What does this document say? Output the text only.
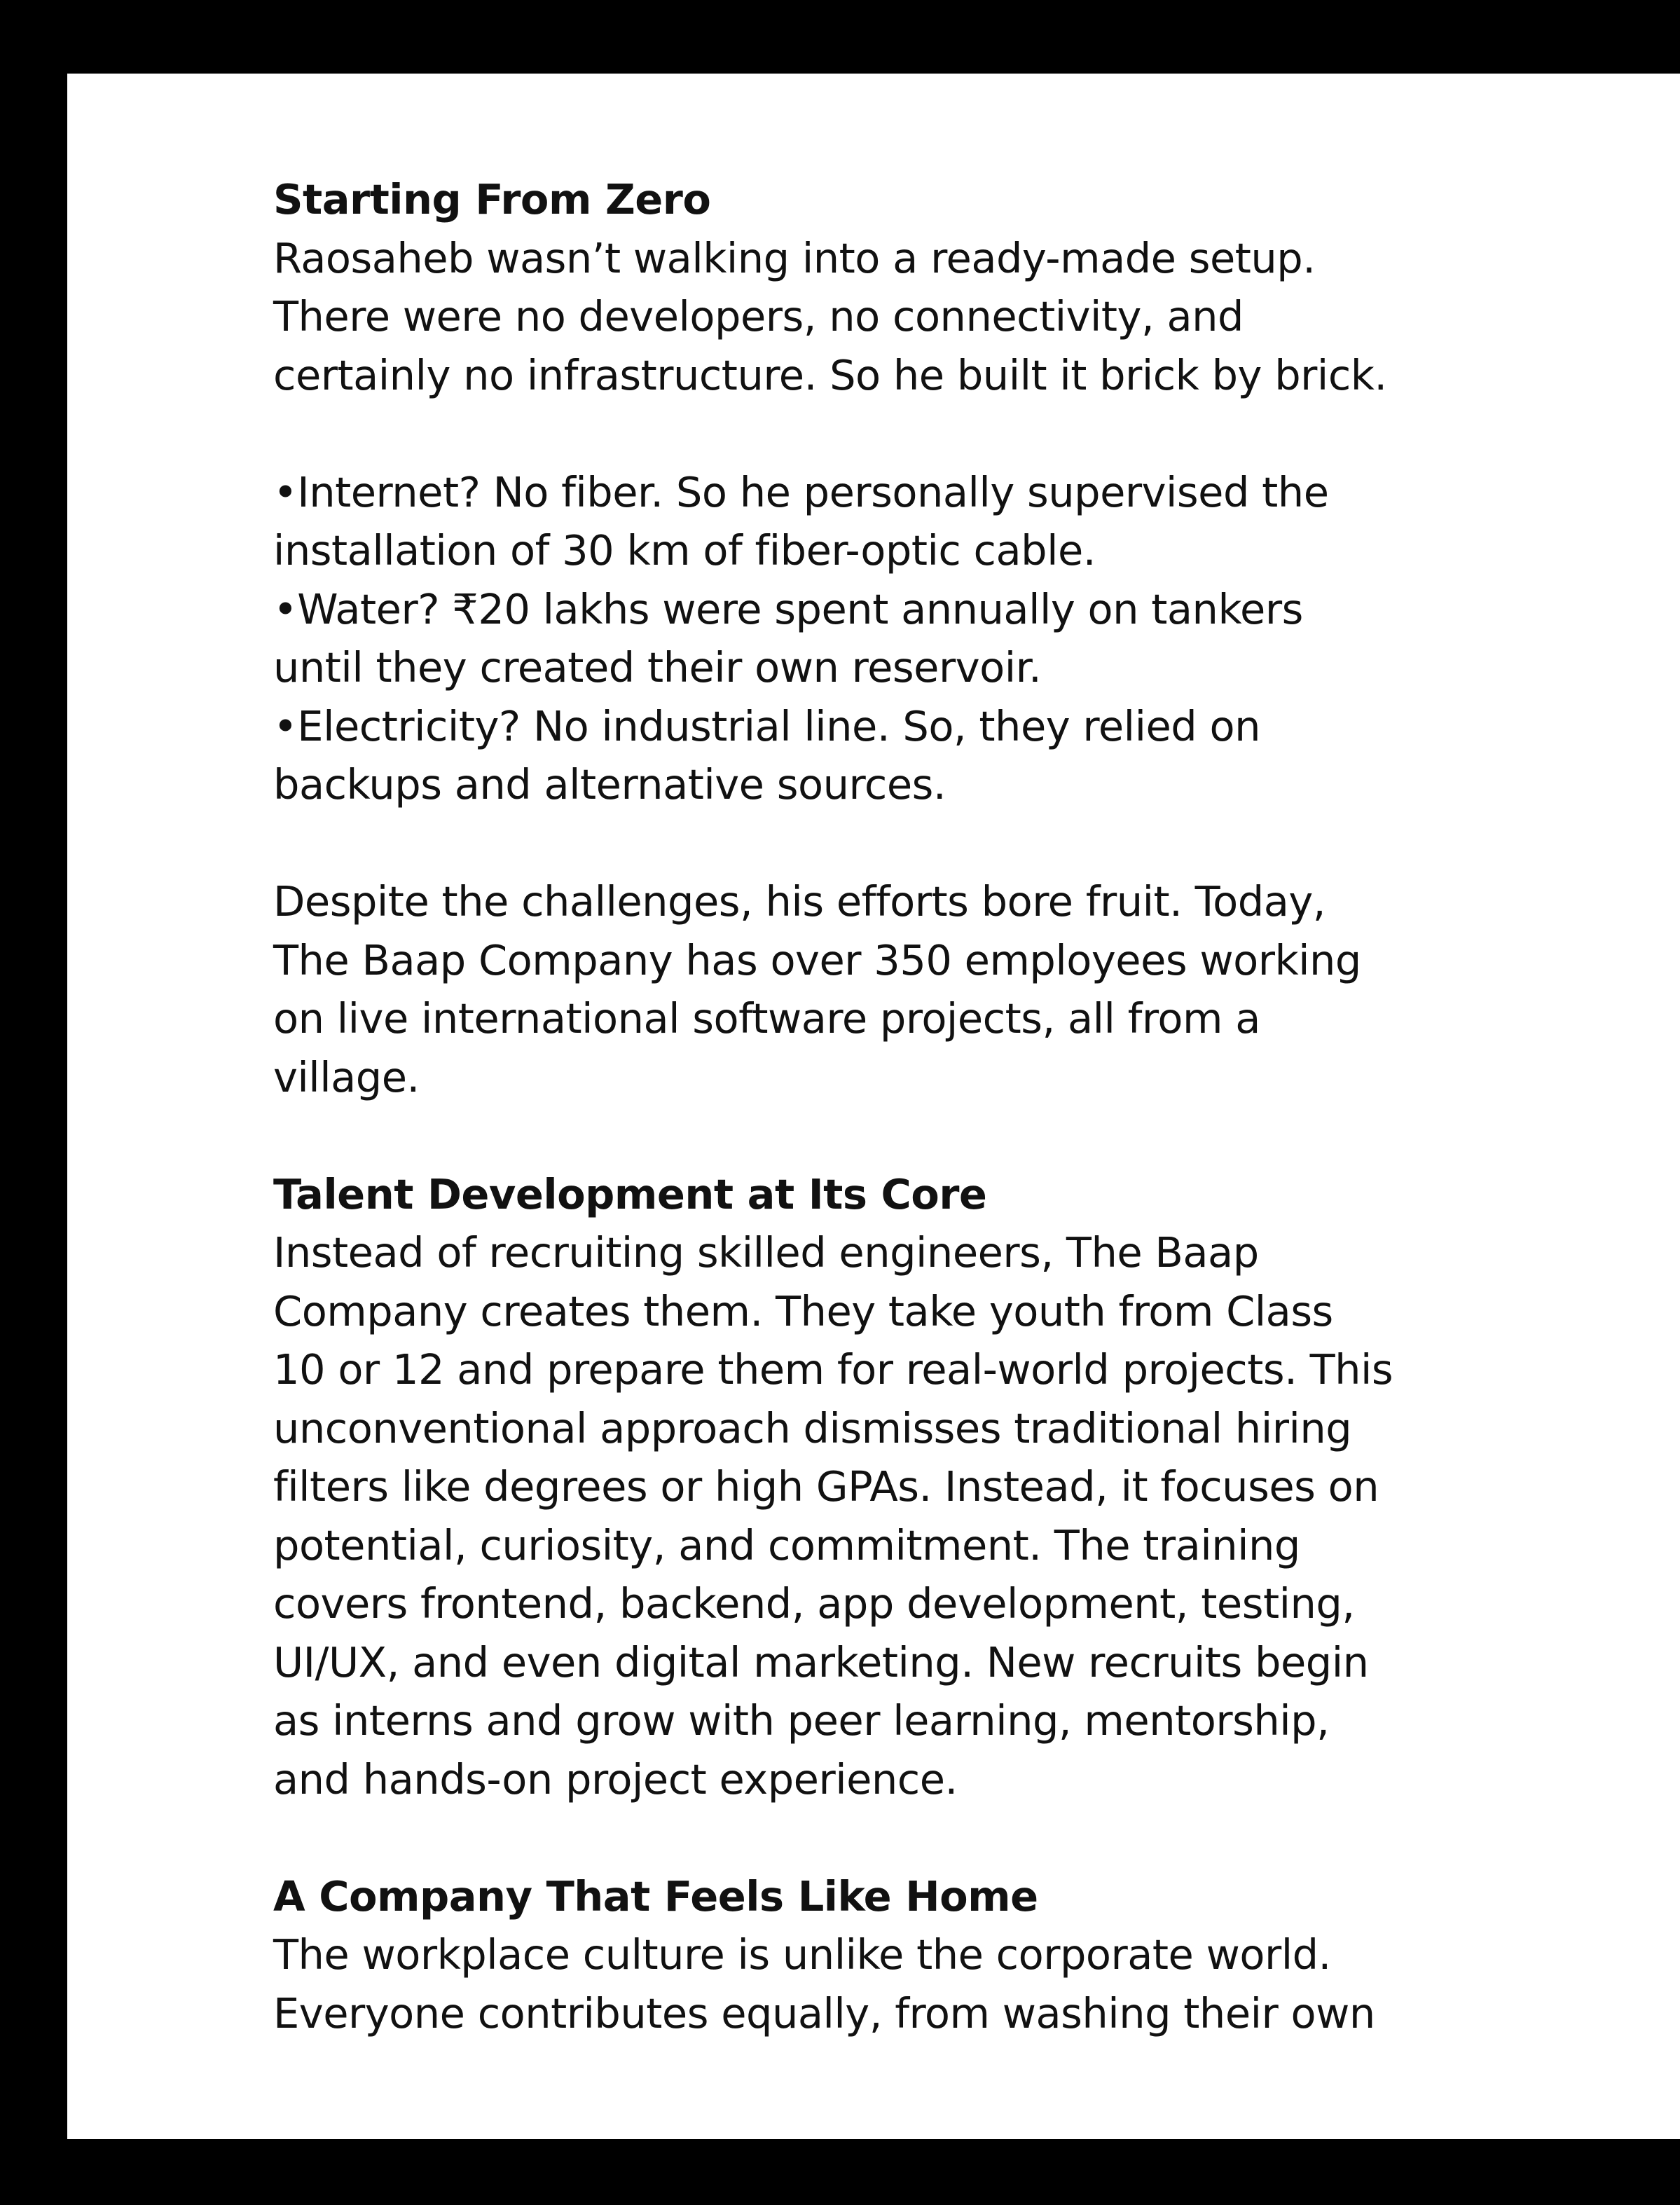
Starting From Zero
Raosaheb wasn’t walking into a ready-made setup.
There were no developers, no connectivity, and
certainly no infrastructure. So he built it brick by brick.
•Internet? No fiber. So he personally supervised the
installation of 30 km of fiber-optic cable.
•Water? ₹20 lakhs were spent annually on tankers
until they created their own reservoir.
•Electricity? No industrial line. So, they relied on
backups and alternative sources.
Despite the challenges, his efforts bore fruit. Today,
The Baap Company has over 350 employees working
on live international software projects, all from a
village.
Talent Development at Its Core
Instead of recruiting skilled engineers, The Baap
Company creates them. They take youth from Class
10 or 12 and prepare them for real-world projects. This
unconventional approach dismisses traditional hiring
filters like degrees or high GPAs. Instead, it focuses on
potential, curiosity, and commitment. The training
covers frontend, backend, app development, testing,
UI/UX, and even digital marketing. New recruits begin
as interns and grow with peer learning, mentorship,
and hands-on project experience.
A Company That Feels Like Home
The workplace culture is unlike the corporate world.
Everyone contributes equally, from washing their own
